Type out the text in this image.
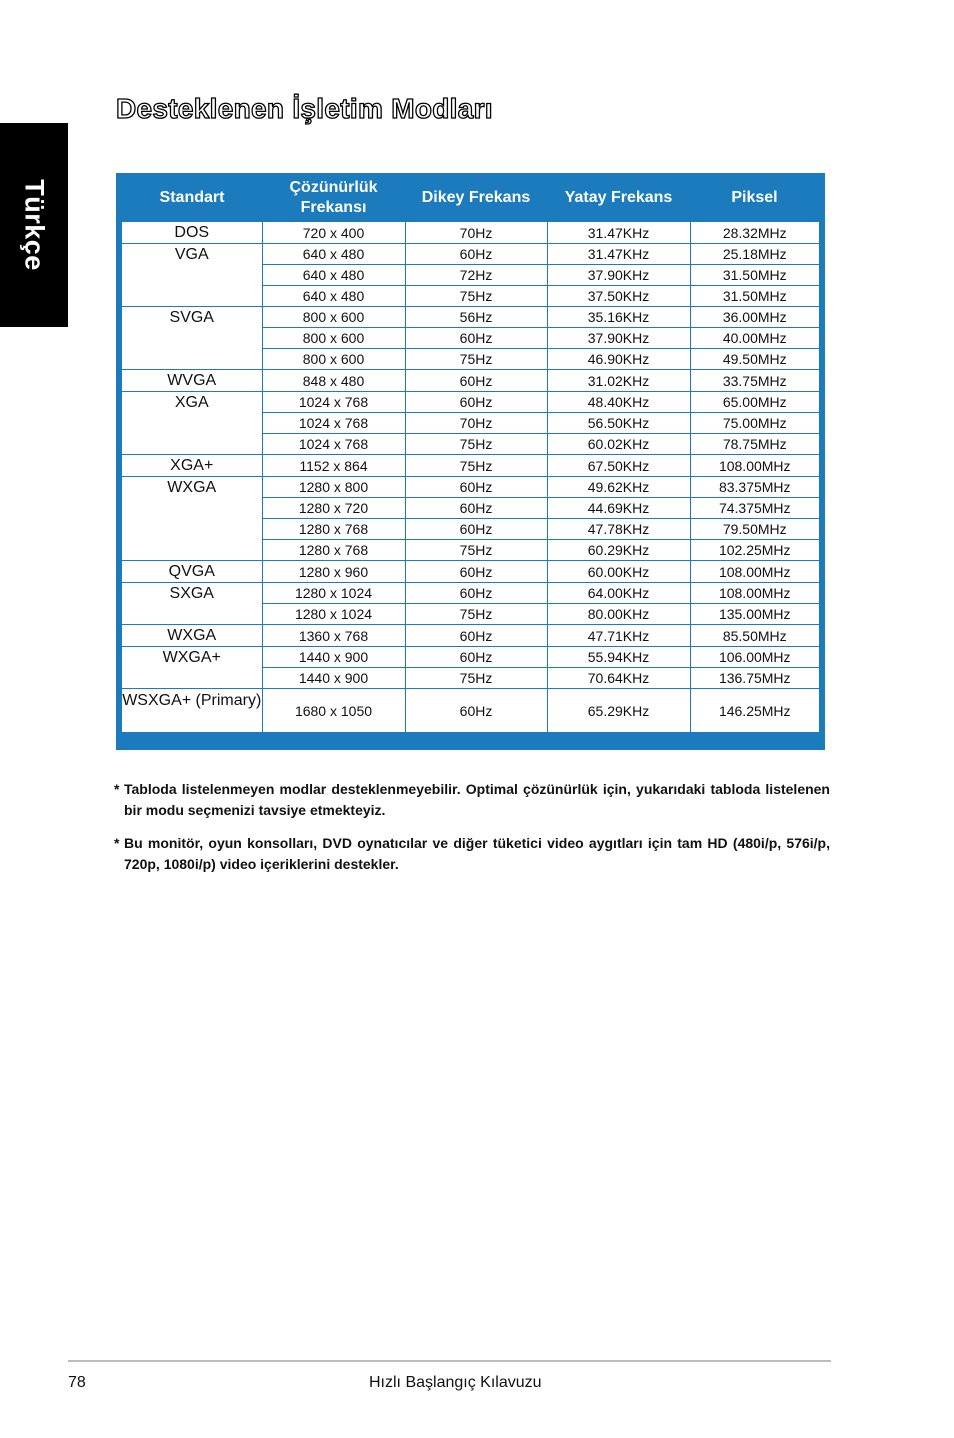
Türkçe
Desteklenen İşletim Modları
Standart	Çözünürlük Frekansı	Dikey Frekans	Yatay Frekans	Piksel
DOS	720 x 400	70Hz	31.47KHz	28.32MHz
VGA	640 x 480	60Hz	31.47KHz	25.18MHz
	640 x 480	72Hz	37.90KHz	31.50MHz
	640 x 480	75Hz	37.50KHz	31.50MHz
SVGA	800 x 600	56Hz	35.16KHz	36.00MHz
	800 x 600	60Hz	37.90KHz	40.00MHz
	800 x 600	75Hz	46.90KHz	49.50MHz
WVGA	848 x 480	60Hz	31.02KHz	33.75MHz
XGA	1024 x 768	60Hz	48.40KHz	65.00MHz
	1024 x 768	70Hz	56.50KHz	75.00MHz
	1024 x 768	75Hz	60.02KHz	78.75MHz
XGA+	1152 x 864	75Hz	67.50KHz	108.00MHz
WXGA	1280 x 800	60Hz	49.62KHz	83.375MHz
	1280 x 720	60Hz	44.69KHz	74.375MHz
	1280 x 768	60Hz	47.78KHz	79.50MHz
	1280 x 768	75Hz	60.29KHz	102.25MHz
QVGA	1280 x 960	60Hz	60.00KHz	108.00MHz
SXGA	1280 x 1024	60Hz	64.00KHz	108.00MHz
	1280 x 1024	75Hz	80.00KHz	135.00MHz
WXGA	1360 x 768	60Hz	47.71KHz	85.50MHz
WXGA+	1440 x 900	60Hz	55.94KHz	106.00MHz
	1440 x 900	75Hz	70.64KHz	136.75MHz
WSXGA+ (Primary)	1680 x 1050	60Hz	65.29KHz	146.25MHz
* Tabloda listelenmeyen modlar desteklenmeyebilir. Optimal çözünürlük için, yukarıdaki tabloda listelenen bir modu seçmenizi tavsiye etmekteyiz.
* Bu monitör, oyun konsolları, DVD oynatıcılar ve diğer tüketici video aygıtları için tam HD (480i/p, 576i/p, 720p, 1080i/p) video içeriklerini destekler.
78	Hızlı Başlangıç Kılavuzu
